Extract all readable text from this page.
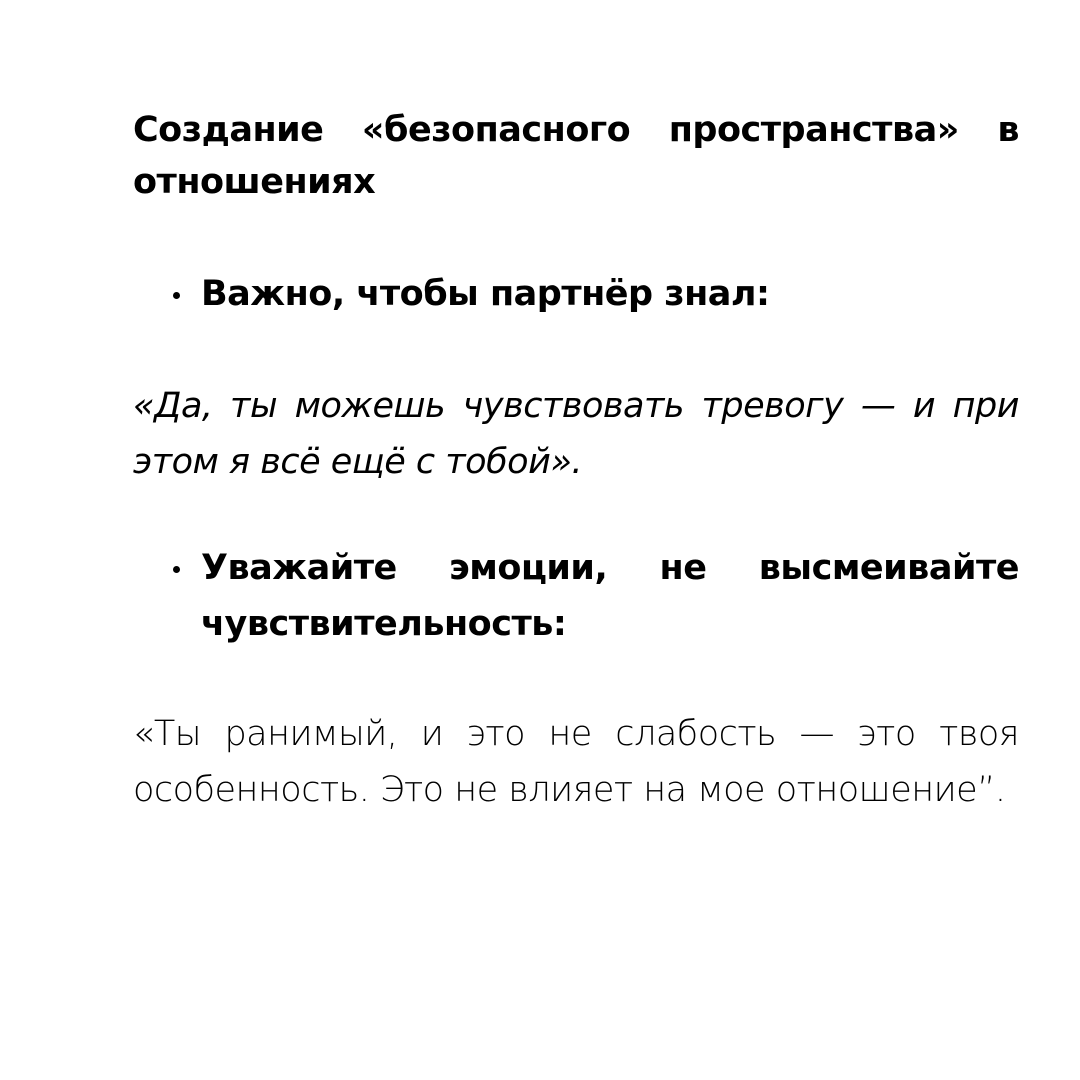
Создание «безопасного пространства» в отношениях
Важно, чтобы партнёр знал:

«Да, ты можешь чувствовать тревогу — и при этом я всё ещё с тобой».

Уважайте эмоции, не высмеивайте чувствительность:

«Ты ранимый, и это не слабость — это твоя особенность. Это не влияет на мое отношение”.
